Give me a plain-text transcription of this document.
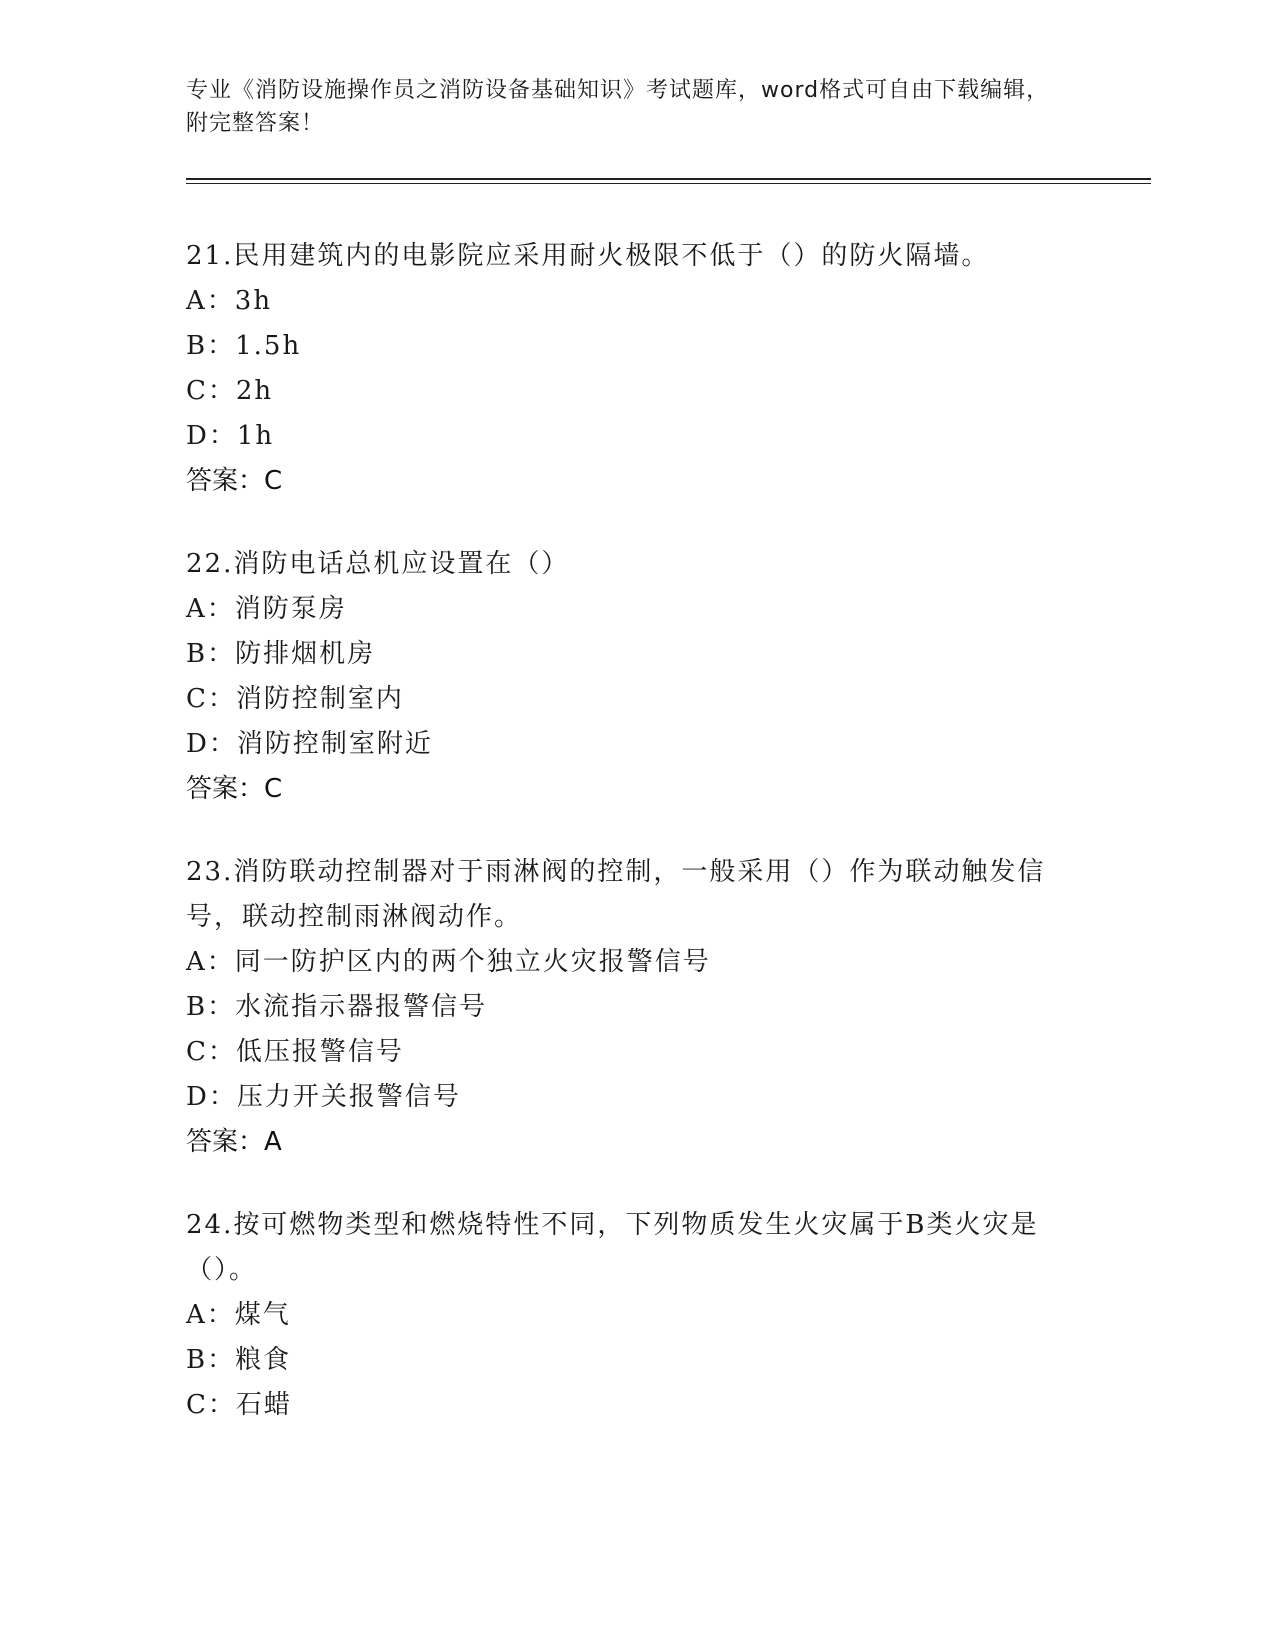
专业《消防设施操作员之消防设备基础知识》考试题库，word格式可自由下载编辑，附完整答案！
21.民用建筑内的电影院应采用耐火极限不低于（）的防火隔墙。
A：3h
B：1.5h
C：2h
D：1h
答案：C
22.消防电话总机应设置在（）
A：消防泵房
B：防排烟机房
C：消防控制室内
D：消防控制室附近
答案：C
23.消防联动控制器对于雨淋阀的控制，一般采用（）作为联动触发信号，联动控制雨淋阀动作。
A：同一防护区内的两个独立火灾报警信号
B：水流指示器报警信号
C：低压报警信号
D：压力开关报警信号
答案：A
24.按可燃物类型和燃烧特性不同，下列物质发生火灾属于B类火灾是（）。
A：煤气
B：粮食
C：石蜡
